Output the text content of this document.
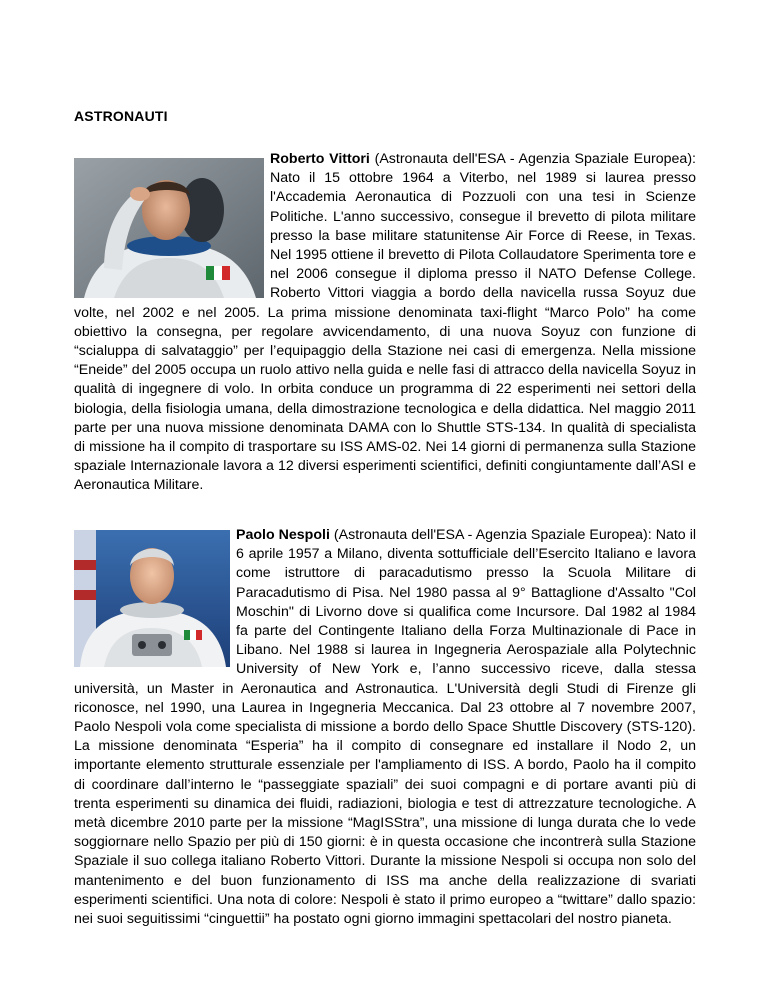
ASTRONAUTI
Roberto Vittori (Astronauta dell'ESA - Agenzia Spaziale Europea): Nato il 15 ottobre 1964 a Viterbo, nel 1989 si laurea presso l'Accademia Aeronautica di Pozzuoli con una tesi in Scienze Politiche. L'anno successivo, consegue il brevetto di pilota militare presso la base militare statunitense Air Force di Reese, in Texas. Nel 1995 ottiene il brevetto di Pilota Collaudatore Sperimenta tore e nel 2006 consegue il diploma presso il NATO Defense College. Roberto Vittori viaggia a bordo della navicella russa Soyuz due volte, nel 2002 e nel 2005. La prima missione denominata taxi-flight “Marco Polo” ha come obiettivo la consegna, per regolare avvicendamento, di una nuova Soyuz con funzione di “scialuppa di salvataggio” per l’equipaggio della Stazione nei casi di emergenza. Nella missione “Eneide” del 2005 occupa un ruolo attivo nella guida e nelle fasi di attracco della navicella Soyuz in qualità di ingegnere di volo. In orbita conduce un programma di 22 esperimenti nei settori della biologia, della fisiologia umana, della dimostrazione tecnologica e della didattica. Nel maggio 2011 parte per una nuova missione denominata DAMA con lo Shuttle STS-134. In qualità di specialista di missione ha il compito di trasportare su ISS AMS-02. Nei 14 giorni di permanenza sulla Stazione spaziale Internazionale lavora a 12 diversi esperimenti scientifici, definiti congiuntamente dall’ASI e Aeronautica Militare.
Paolo Nespoli (Astronauta dell'ESA - Agenzia Spaziale Europea): Nato il 6 aprile 1957 a Milano, diventa sottufficiale dell’Esercito Italiano e lavora come istruttore di paracadutismo presso la Scuola Militare di Paracadutismo di Pisa. Nel 1980 passa al 9° Battaglione d'Assalto "Col Moschin" di Livorno dove si qualifica come Incursore. Dal 1982 al 1984 fa parte del Contingente Italiano della Forza Multinazionale di Pace in Libano. Nel 1988 si laurea in Ingegneria Aerospaziale alla Polytechnic University of New York e, l’anno successivo riceve, dalla stessa università, un Master in Aeronautica and Astronautica. L'Università degli Studi di Firenze gli riconosce, nel 1990, una Laurea in Ingegneria Meccanica. Dal 23 ottobre al 7 novembre 2007, Paolo Nespoli vola come specialista di missione a bordo dello Space Shuttle Discovery (STS-120). La missione denominata “Esperia” ha il compito di consegnare ed installare il Nodo 2, un importante elemento strutturale essenziale per l'ampliamento di ISS. A bordo, Paolo ha il compito di coordinare dall’interno le “passeggiate spaziali” dei suoi compagni e di portare avanti più di trenta esperimenti su dinamica dei fluidi, radiazioni, biologia e test di attrezzature tecnologiche. A metà dicembre 2010 parte per la missione “MagISStra”, una missione di lunga durata che lo vede soggiornare nello Spazio per più di 150 giorni: è in questa occasione che incontrerà sulla Stazione Spaziale il suo collega italiano Roberto Vittori. Durante la missione Nespoli si occupa non solo del mantenimento e del buon funzionamento di ISS ma anche della realizzazione di svariati esperimenti scientifici. Una nota di colore: Nespoli è stato il primo europeo a “twittare” dallo spazio: nei suoi seguitissimi “cinguettii” ha postato ogni giorno immagini spettacolari del nostro pianeta.
